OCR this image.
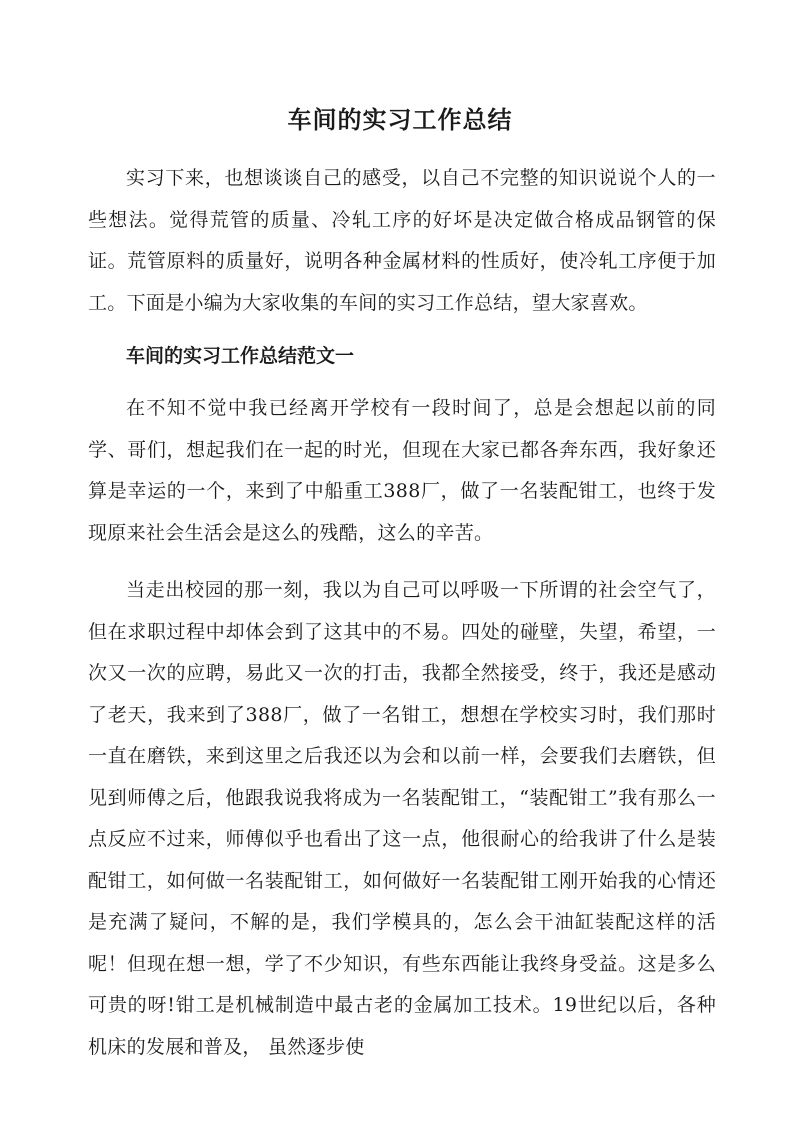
车间的实习工作总结

实习下来，也想谈谈自己的感受，以自己不完整的知识说说个人的一些想法。觉得荒管的质量、冷轧工序的好坏是决定做合格成品钢管的保证。荒管原料的质量好，说明各种金属材料的性质好，使冷轧工序便于加工。下面是小编为大家收集的车间的实习工作总结，望大家喜欢。

车间的实习工作总结范文一

在不知不觉中我已经离开学校有一段时间了，总是会想起以前的同学、哥们，想起我们在一起的时光，但现在大家已都各奔东西，我好象还算是幸运的一个，来到了中船重工388厂，做了一名装配钳工，也终于发现原来社会生活会是这么的残酷，这么的辛苦。

当走出校园的那一刻，我以为自己可以呼吸一下所谓的社会空气了，但在求职过程中却体会到了这其中的不易。四处的碰壁，失望，希望，一次又一次的应聘，易此又一次的打击，我都全然接受，终于，我还是感动了老天，我来到了388厂，做了一名钳工，想想在学校实习时，我们那时一直在磨铁，来到这里之后我还以为会和以前一样，会要我们去磨铁，但见到师傅之后，他跟我说我将成为一名装配钳工，“装配钳工”我有那么一点反应不过来，师傅似乎也看出了这一点，他很耐心的给我讲了什么是装配钳工，如何做一名装配钳工，如何做好一名装配钳工刚开始我的心情还是充满了疑问，不解的是，我们学模具的，怎么会干油缸装配这样的活呢！但现在想一想，学了不少知识，有些东西能让我终身受益。这是多么可贵的呀!钳工是机械制造中最古老的金属加工技术。19世纪以后，各种机床的发展和普及， 虽然逐步使
